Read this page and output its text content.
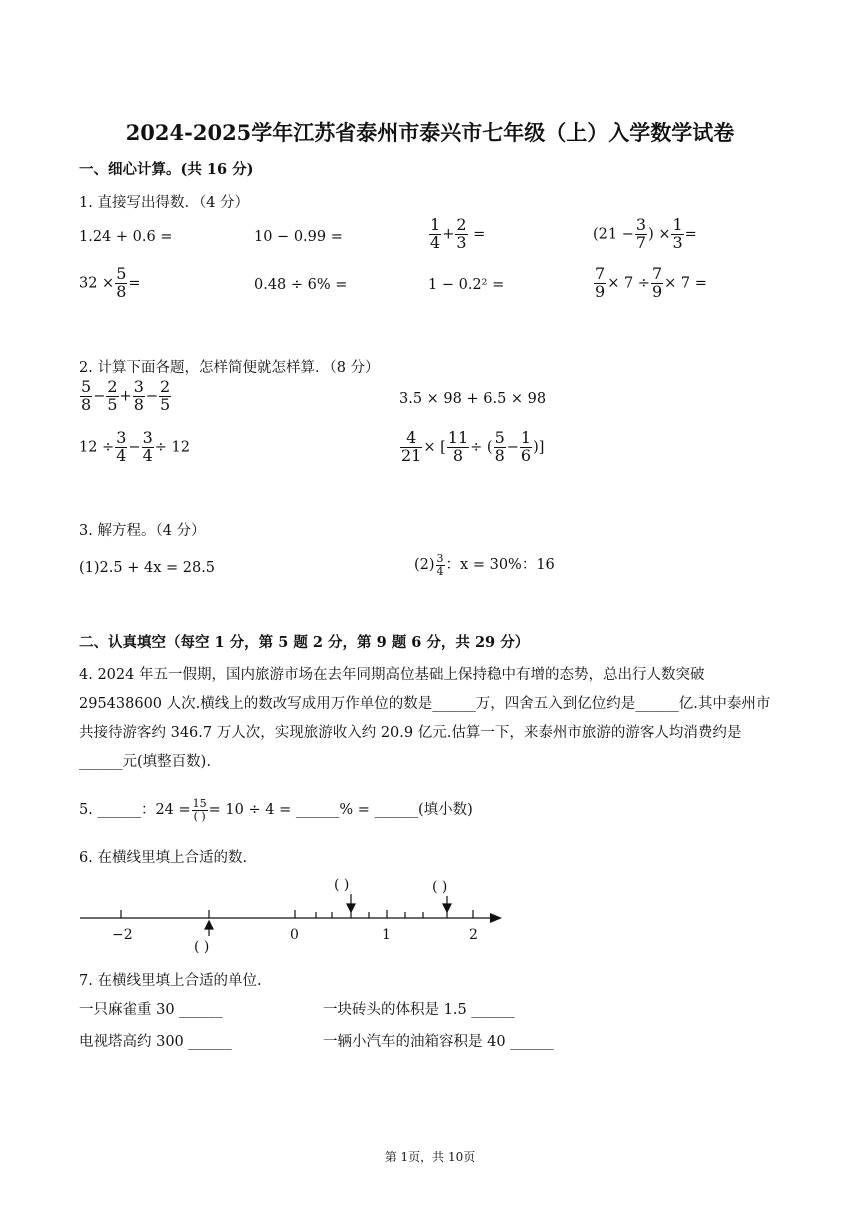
2024-2025学年江苏省泰州市泰兴市七年级（上）入学数学试卷
一、细心计算。(共 16 分)
1. 直接写出得数．（4 分）
1.24 + 0.6 =	10 − 0.99 =	$\frac{1}{4} + \frac{2}{3}$ =	($21 - \frac{3}{7}$ ) × $\frac{1}{3}$ =
$32 \times \frac{5}{8}$ =	0.48 ÷ 6% =	1 − 0.2² =	$\frac{7}{9} \times 7 \div \frac{7}{9} \times 7$ =
2. 计算下面各题，怎样简便就怎样算．（8 分）
$\frac{5}{8} - \frac{2}{5} + \frac{3}{8} - \frac{2}{5}$	3.5 × 98 + 6.5 × 98
$12 \div \frac{3}{4} - \frac{3}{4} \div 12$	$\frac{4}{21}$ × [ $\frac{11}{8}$ ÷ ( $\frac{5}{8} - \frac{1}{6}$ )]
3. 解方程。（4 分）
(1)2.5 + 4x = 28.5	$(2) \frac{3}{4}$ ：x = 30%：16
二、认真填空（每空 1 分，第 5 题 2 分，第 9 题 6 分，共 29 分）
4. 2024 年五一假期，国内旅游市场在去年同期高位基础上保持稳中有增的态势，总出行人数突破 295438600 人次.横线上的数改写成用万作单位的数是______万，四舍五入到亿位约是______亿.其中泰州市共接待游客约 346.7 万人次，实现旅游收入约 20.9 亿元.估算一下，来泰州市旅游的游客人均消费约是______元(填整百数).
5. ______：$24 = \frac{15}{( )} = 10 \div 4$ = ______% = ______(填小数)
6. 在横线里填上合适的数.
−2	0	1	2
( )	( )
( )
7. 在横线里填上合适的单位.
一只麻雀重 30 ______	一块砖头的体积是 1.5 ______
电视塔高约 300 ______	一辆小汽车的油箱容积是 40 ______
第 1页，共 10页
